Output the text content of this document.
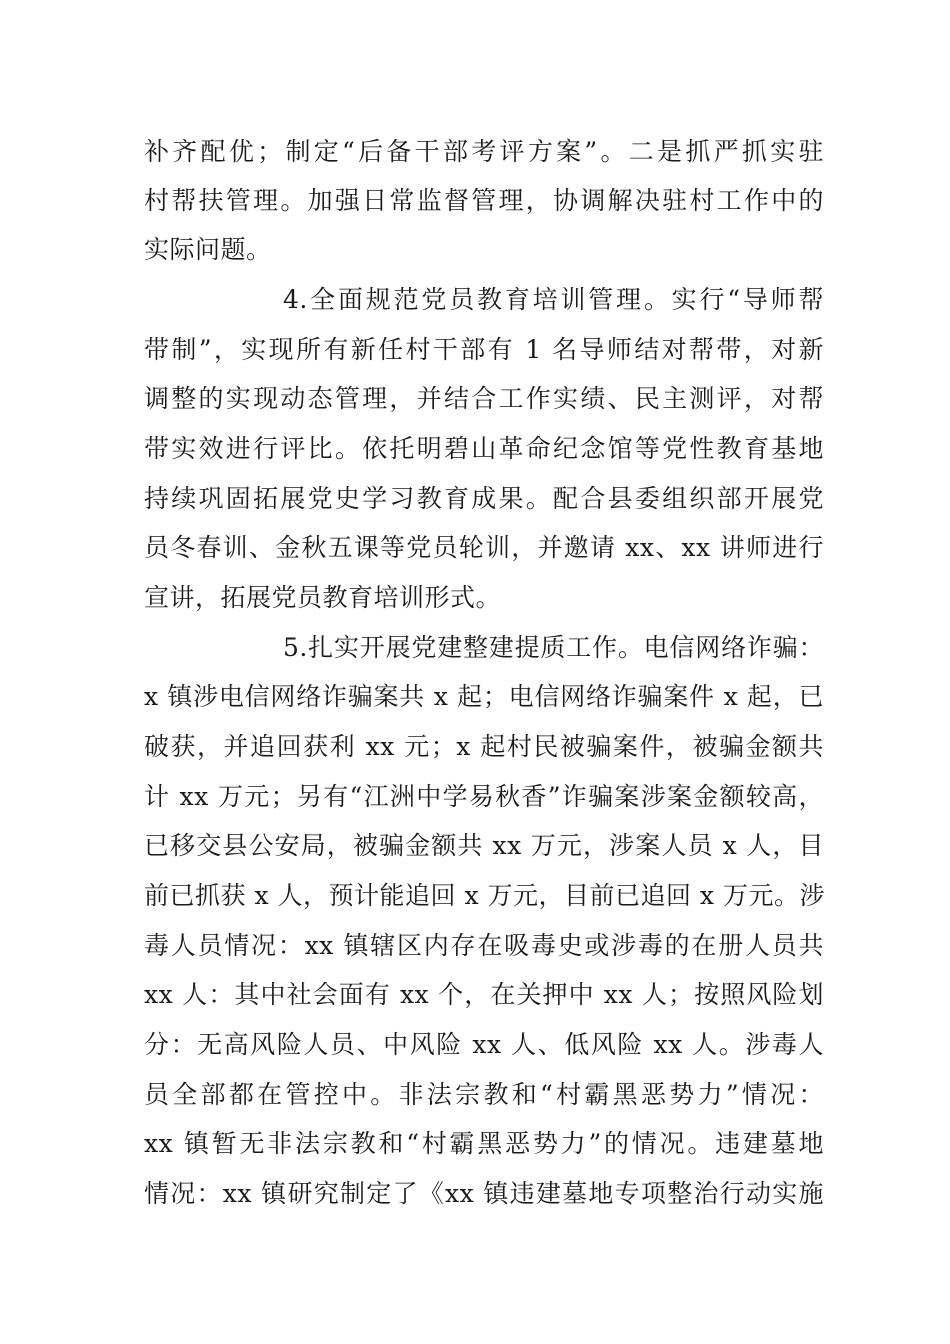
补齐配优；制定“后备干部考评方案”。二是抓严抓实驻
村帮扶管理。加强日常监督管理，协调解决驻村工作中的
实际问题。
4.全面规范党员教育培训管理。实行“导师帮
带制”，实现所有新任村干部有 1 名导师结对帮带，对新
调整的实现动态管理，并结合工作实绩、民主测评，对帮
带实效进行评比。依托明碧山革命纪念馆等党性教育基地
持续巩固拓展党史学习教育成果。配合县委组织部开展党
员冬春训、金秋五课等党员轮训，并邀请 xx、xx 讲师进行
宣讲，拓展党员教育培训形式。
5.扎实开展党建整建提质工作。电信网络诈骗：
x 镇涉电信网络诈骗案共 x 起；电信网络诈骗案件 x 起，已
破获，并追回获利 xx 元；x 起村民被骗案件，被骗金额共
计 xx 万元；另有“江洲中学易秋香”诈骗案涉案金额较高，
已移交县公安局，被骗金额共 xx 万元，涉案人员 x 人，目
前已抓获 x 人，预计能追回 x 万元，目前已追回 x 万元。涉
毒人员情况：xx 镇辖区内存在吸毒史或涉毒的在册人员共
xx 人：其中社会面有 xx 个，在关押中 xx 人；按照风险划
分：无高风险人员、中风险 xx 人、低风险 xx 人。涉毒人
员全部都在管控中。非法宗教和“村霸黑恶势力”情况：
xx 镇暂无非法宗教和“村霸黑恶势力”的情况。违建墓地
情况：xx 镇研究制定了《xx 镇违建墓地专项整治行动实施
